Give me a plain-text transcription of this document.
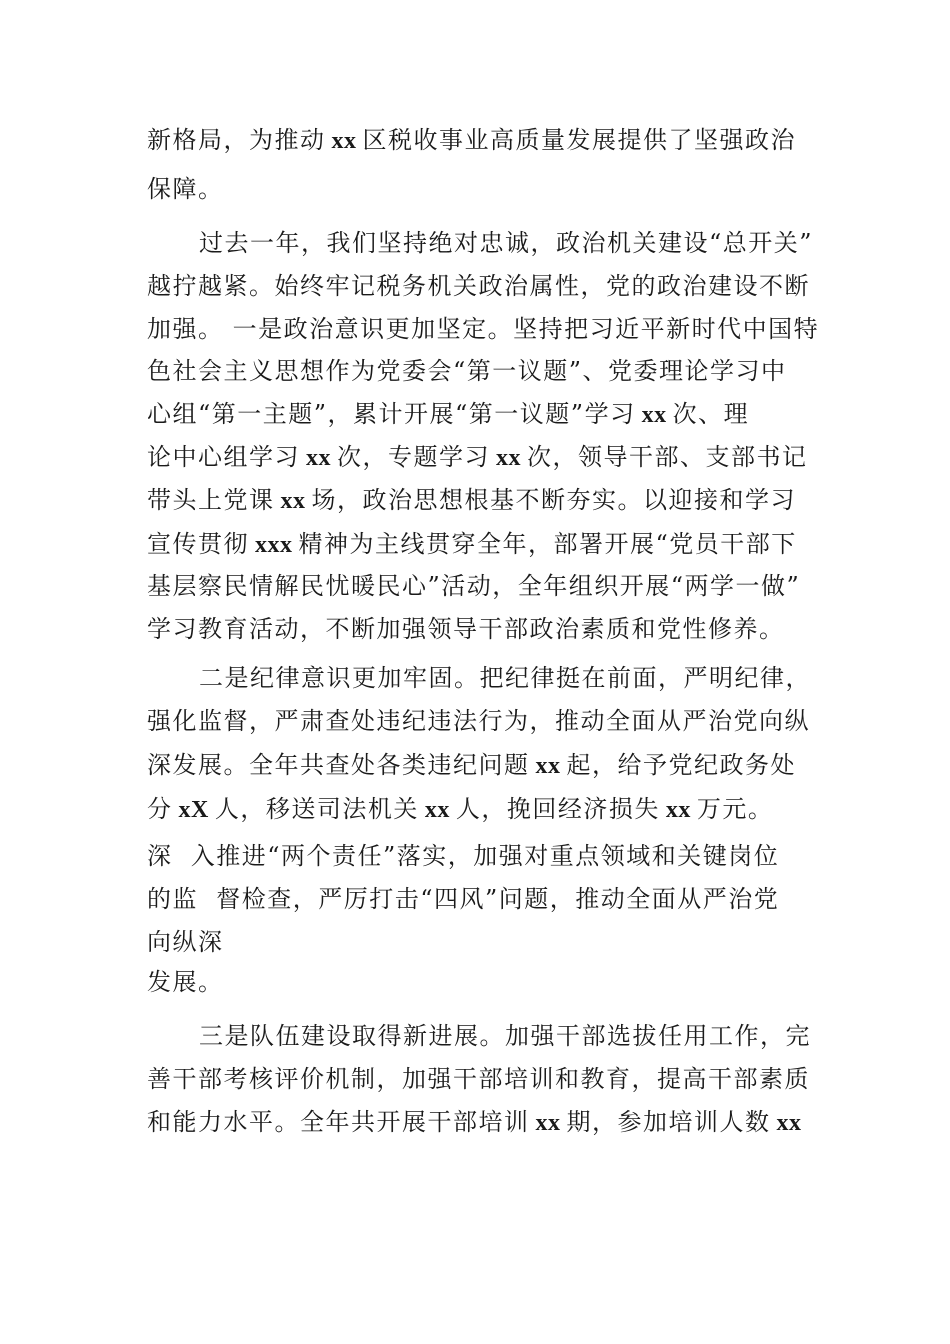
新格局，为推动 xx 区税收事业高质量发展提供了坚强政治
保障。
过去一年，我们坚持绝对忠诚，政治机关建设“总开关”
越拧越紧。始终牢记税务机关政治属性，党的政治建设不断
加强。 一是政治意识更加坚定。坚持把习近平新时代中国特
色社会主义思想作为党委会“第一议题”、党委理论学习中
心组“第一主题”，累计开展“第一议题”学习 xx 次、理
论中心组学习 xx 次，专题学习 xx 次，领导干部、支部书记
带头上党课 xx 场，政治思想根基不断夯实。以迎接和学习
宣传贯彻 xxx 精神为主线贯穿全年，部署开展“党员干部下
基层察民情解民忧暖民心”活动，全年组织开展“两学一做”
学习教育活动，不断加强领导干部政治素质和党性修养。
二是纪律意识更加牢固。把纪律挺在前面，严明纪律，
强化监督，严肃查处违纪违法行为，推动全面从严治党向纵
深发展。全年共查处各类违纪问题 xx 起，给予党纪政务处
分 xX 人，移送司法机关 xx 人，挽回经济损失 xx 万元。
深  入推进“两个责任”落实，加强对重点领域和关键岗位
的监  督检查，严厉打击“四风”问题，推动全面从严治党
向纵深
发展。
三是队伍建设取得新进展。加强干部选拔任用工作，完
善干部考核评价机制，加强干部培训和教育，提高干部素质
和能力水平。全年共开展干部培训 xx 期，参加培训人数 xx
